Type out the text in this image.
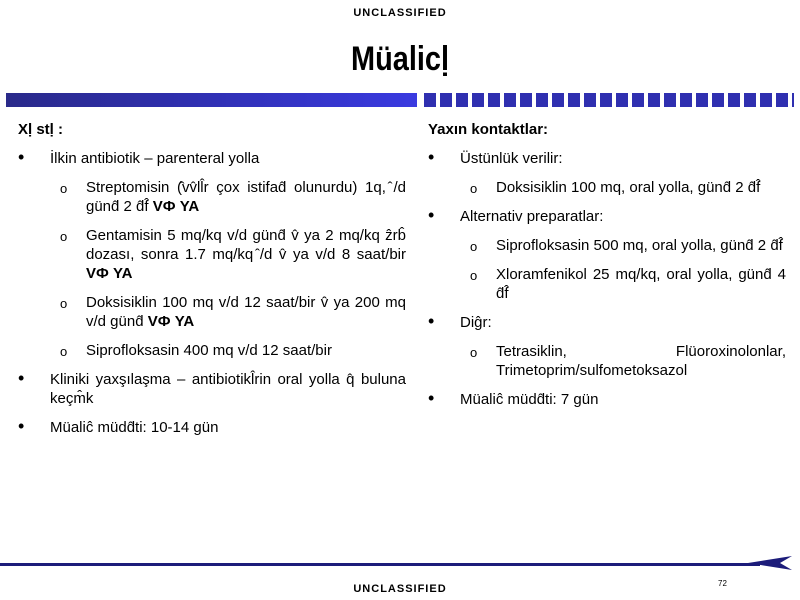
UNCLASSIFIED
Müalicḷ
Xḷ stḷ :
• İlkin antibiotik – parenteral yolla
o Streptomisin (̂vv̂ll̂r çox istifad̂ olunurdu) 1q, ̂/d günd̂ 2 d̂f̂ VФ YA
o Gentamisin 5 mq/kq v/d günd̂ v̂ ya 2 mq/kq ẑrb̂ dozası, sonra 1.7 mq/kq ̂/d v̂ ya v/d 8 saat/bir VФ YA
o Doksisiklin 100 mq v/d 12 saat/bir v̂ ya 200 mq v/d günd̂ VФ YA
o Siprofloksasin 400 mq v/d 12 saat/bir
• Kliniki yaxşılaşma – antibiotikl̂rin oral yolla q̂ buluna keçm̂k
• Müaliĉ müdd̂ti: 10-14 gün
Yaxın kontaktlar:
• Üstünlük verilir:
o Doksisiklin 100 mq, oral yolla, günd̂ 2 d̂f̂
• Alternativ preparatlar:
o Siprofloksasin 500 mq, oral yolla, günd̂ 2 d̂f̂
o Xloramfenikol 25 mq/kq, oral yolla, günd̂ 4 d̂f̂
• Diĝr:
o Tetrasiklin, Flüoroxinolonlar, Trimetoprim/sulfometoksazol
• Müaliĉ müdd̂ti: 7 gün
72
UNCLASSIFIED
